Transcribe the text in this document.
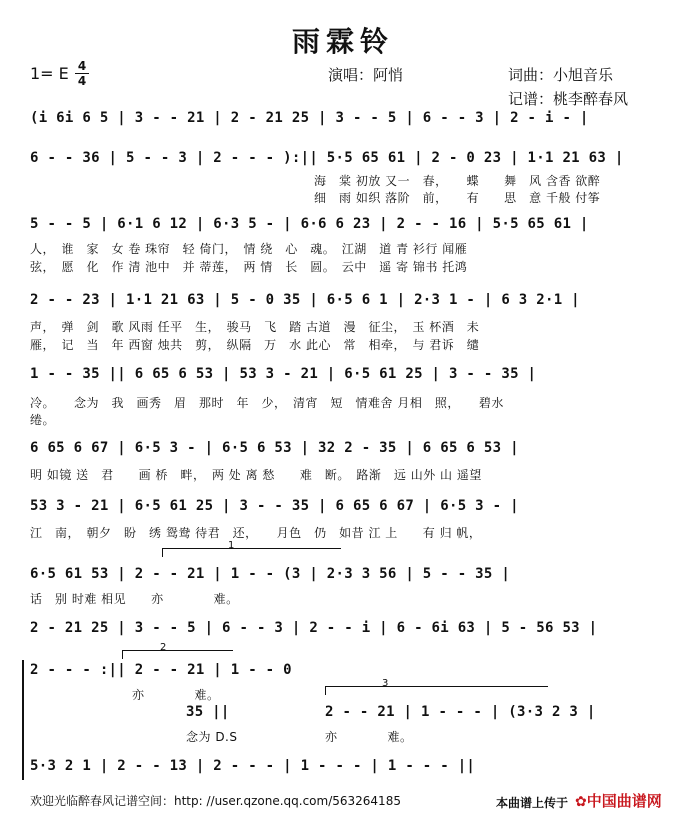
雨霖铃
1= E 4
4	演唱：阿悄	词曲：小旭音乐
记谱：桃李醉春风
(i 6i 6 5 | 3 - - 21 | 2 - 21 25 | 3 - - 5 | 6 - - 3 | 2 - i - |
6 - - 36 | 5 - - 3 | 2 - - - ):|| 5·5 65 61 | 2 - 0 23 | 1·1 21 63 |
海　棠 初放 又一　春，　　蝶　　舞　风 含香 欲醉
细　雨 如织 落阶　前，　　有　　思　意 千般 付筝
5 - - 5 | 6·1 6 12 | 6·3 5 - | 6·6 6 23 | 2 - - 16 | 5·5 65 61 |
人，　谁　家　女 卷 珠帘　轻 倚门，　情 绕　心　魂。　江湖　道 青 衫行 闻雁
弦，　愿　化　作 清 池中　并 蒂莲，　两 情　长　圆。　云中　遥 寄 锦书 托鸿
2 - - 23 | 1·1 21 63 | 5 - 0 35 | 6·5 6 1 | 2·3 1 - | 6 3 2·1 |
声，　弹　剑　歌 风雨 任平　生，　骏马　飞　踏 古道　漫　征尘，　玉 杯酒　未
雁，　记　当　年 西窗 烛共　剪，　纵隔　万　水 此心　常　相牵，　与 君诉　缱
1 - - 35 || 6 65 6 53 | 53 3 - 21 | 6·5 61 25 | 3 - - 35 |
冷。　　念为　我　画秀　眉　那时　年　少，　清宵　短　情难舍 月相　照，　　碧水
绻。
6 65 6 67 | 6·5 3 - | 6·5 6 53 | 32 2 - 35 | 6 65 6 53 |
明 如镜 送　君　　画 桥　畔，　两 处 离 愁　　难　断。　路渐　远 山外 山 遥望
53 3 - 21 | 6·5 61 25 | 3 - - 35 | 6 65 6 67 | 6·5 3 - |
江　南，　朝夕　盼　绣 鸳鸯 待君　还，　　月色　仍　如昔 江 上　　有 归 帆，
1
6·5 61 53 | 2 - - 21 | 1 - - (3 | 2·3 3 56 | 5 - - 35 |
话　别 时难 相见　　亦　　　　难。
2 - 21 25 | 3 - - 5 | 6 - - 3 | 2 - - i | 6 - 6i 63 | 5 - 56 53 |
2
2 - - - :|| 2 - - 21 | 1 - - 0
亦　　　　难。
35 ||
念为 D.S
3
2 - - 21 | 1 - - - | (3·3 2 3 |
亦　　　　难。
5·3 2 1 | 2 - - 13 | 2 - - - | 1 - - - | 1 - - - ||
欢迎光临醉春风记谱空间：http: //user.qzone.qq.com/563264185	本曲谱上传于 ✿中国曲谱网
